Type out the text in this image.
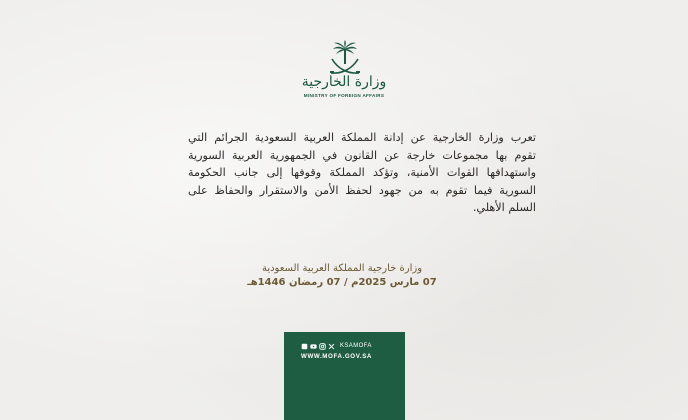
وزارة الخارجية
MINISTRY OF FOREIGN AFFAIRS
تعرب وزارة الخارجية عن إدانة المملكة العربية السعودية الجرائم التي
تقوم بها مجموعات خارجة عن القانون في الجمهورية العربية السورية
واستهدافها القوات الأمنية، وتؤكد المملكة وقوفها إلى جانب الحكومة
السورية فيما تقوم به من جهود لحفظ الأمن والاستقرار والحفاظ على
السلم الأهلي.
وزارة خارجية المملكة العربية السعودية
07 مارس 2025م / 07 رمضان 1446هـ
KSAMOFA
WWW.MOFA.GOV.SA
